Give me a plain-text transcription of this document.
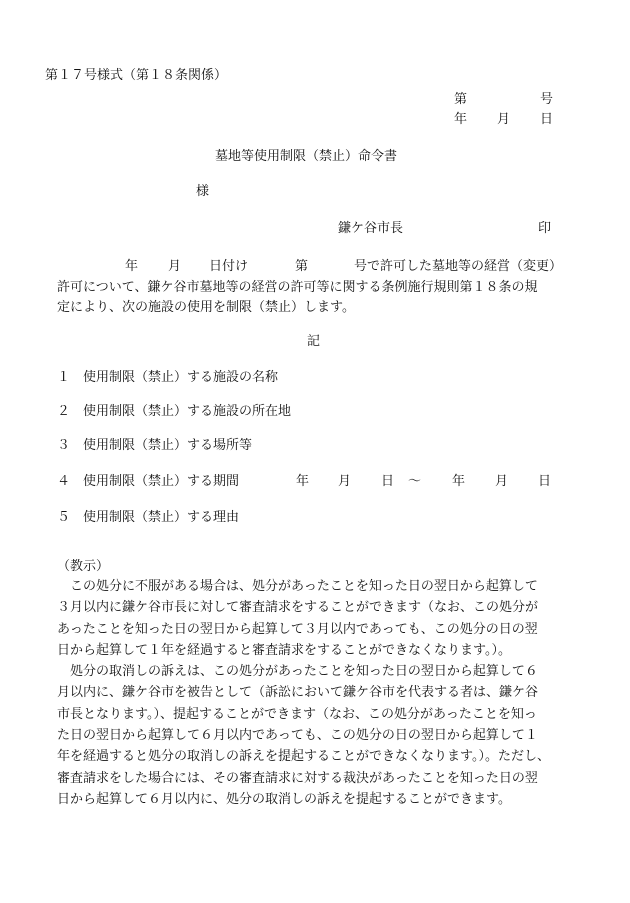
第１７号様式（第１８条関係）
第	号
年 月 日
墓地等使用制限（禁止）命令書
様
鎌ケ谷市長	印
年 月 日付け	第	号で許可した墓地等の経営（変更）
許可について、鎌ケ谷市墓地等の経営の許可等に関する条例施行規則第１８条の規
定により、次の施設の使用を制限（禁止）します。
記
１ 使用制限（禁止）する施設の名称
２ 使用制限（禁止）する施設の所在地
３ 使用制限（禁止）する場所等
４ 使用制限（禁止）する期間	年 月 日 ～ 年 月 日
５ 使用制限（禁止）する理由
（教示）
　この処分に不服がある場合は、処分があったことを知った日の翌日から起算して
３月以内に鎌ケ谷市長に対して審査請求をすることができます（なお、この処分が
あったことを知った日の翌日から起算して３月以内であっても、この処分の日の翌
日から起算して１年を経過すると審査請求をすることができなくなります。）。
　処分の取消しの訴えは、この処分があったことを知った日の翌日から起算して６
月以内に、鎌ケ谷市を被告として（訴訟において鎌ケ谷市を代表する者は、鎌ケ谷
市長となります。）、提起することができます（なお、この処分があったことを知っ
た日の翌日から起算して６月以内であっても、この処分の日の翌日から起算して１
年を経過すると処分の取消しの訴えを提起することができなくなります。）。ただし、
審査請求をした場合には、その審査請求に対する裁決があったことを知った日の翌
日から起算して６月以内に、処分の取消しの訴えを提起することができます。
